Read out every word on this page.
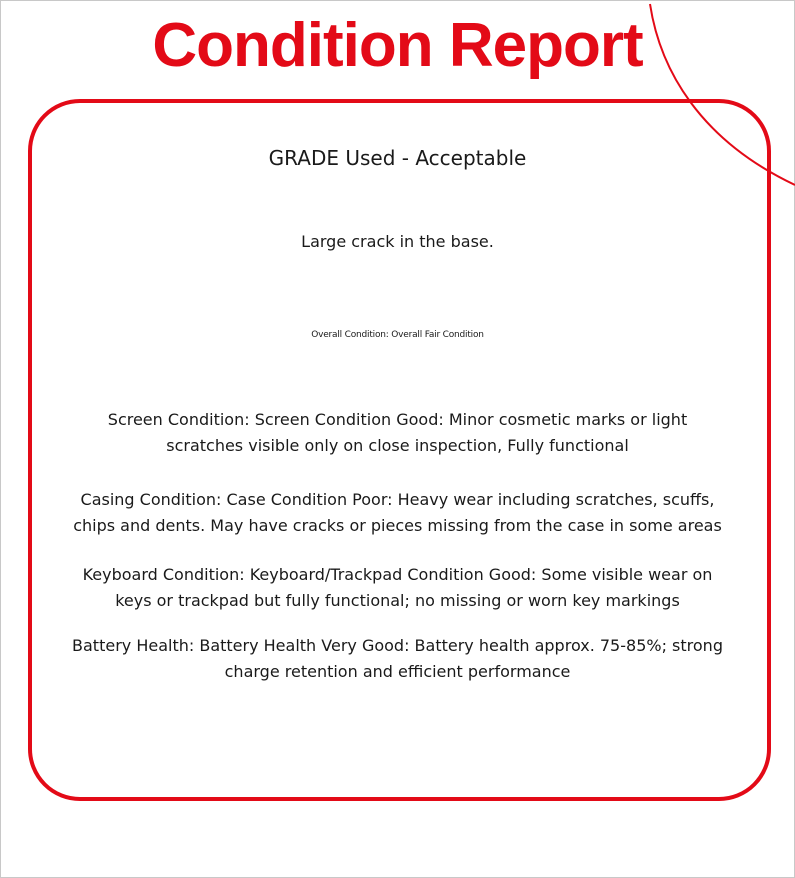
Condition Report
GRADE Used - Acceptable
Large crack in the base.
Overall Condition: Overall Fair Condition
Screen Condition: Screen Condition Good: Minor cosmetic marks or light scratches visible only on close inspection, Fully functional
Casing Condition: Case Condition Poor: Heavy wear including scratches, scuffs, chips and dents. May have cracks or pieces missing from the case in some areas
Keyboard Condition: Keyboard/Trackpad Condition Good: Some visible wear on keys or trackpad but fully functional; no missing or worn key markings
Battery Health: Battery Health Very Good: Battery health approx. 75-85%; strong charge retention and efficient performance
